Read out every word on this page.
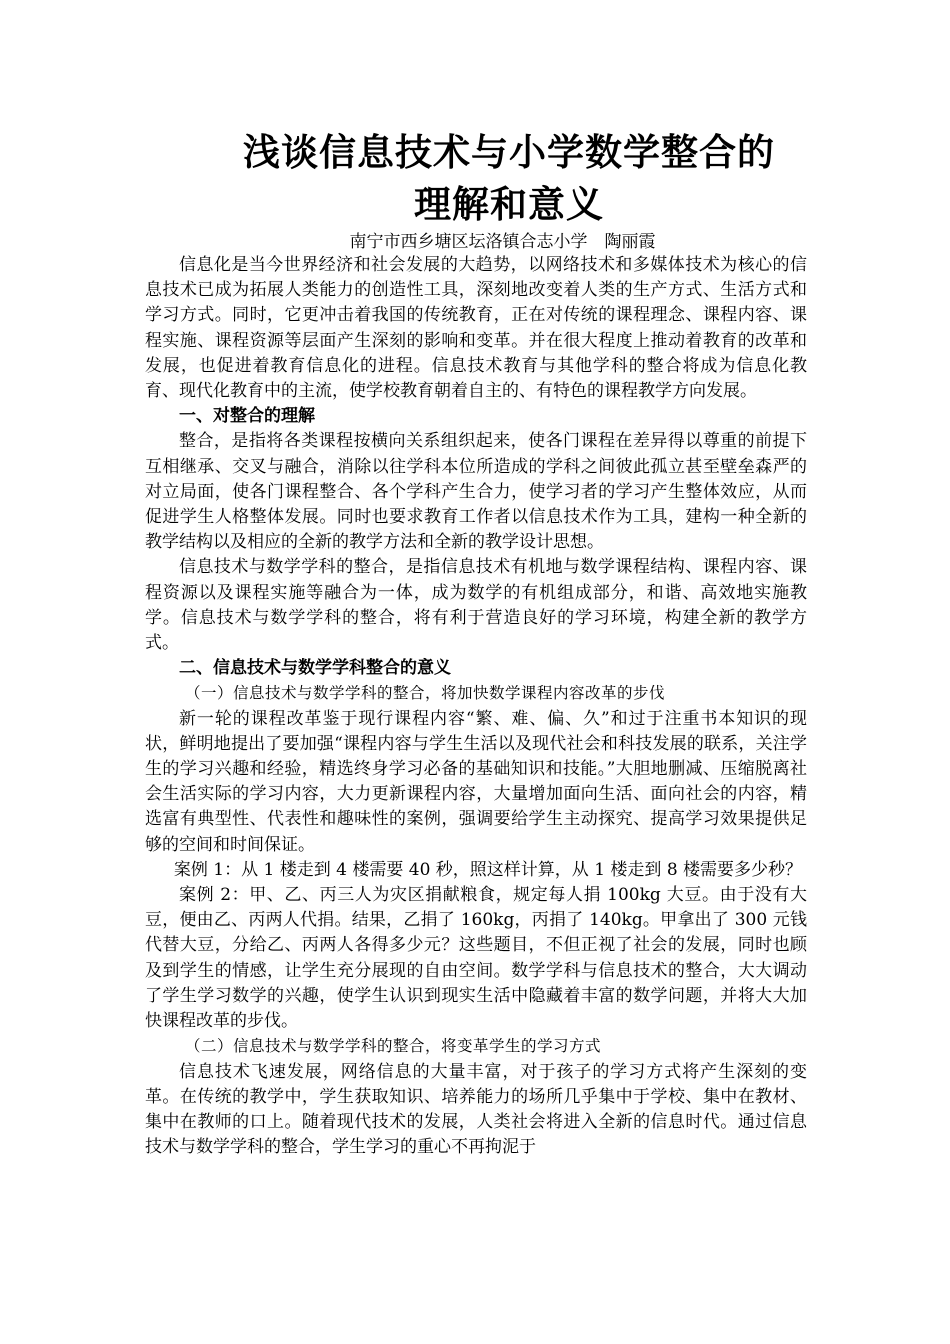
浅谈信息技术与小学数学整合的
理解和意义

南宁市西乡塘区坛洛镇合志小学　陶丽霞

信息化是当今世界经济和社会发展的大趋势，以网络技术和多媒体技术为核心的信息技术已成为拓展人类能力的创造性工具，深刻地改变着人类的生产方式、生活方式和学习方式。同时，它更冲击着我国的传统教育，正在对传统的课程理念、课程内容、课程实施、课程资源等层面产生深刻的影响和变革。并在很大程度上推动着教育的改革和发展，也促进着教育信息化的进程。信息技术教育与其他学科的整合将成为信息化教育、现代化教育中的主流，使学校教育朝着自主的、有特色的课程教学方向发展。

一、对整合的理解

整合，是指将各类课程按横向关系组织起来，使各门课程在差异得以尊重的前提下互相继承、交叉与融合，消除以往学科本位所造成的学科之间彼此孤立甚至壁垒森严的对立局面，使各门课程整合、各个学科产生合力，使学习者的学习产生整体效应，从而促进学生人格整体发展。同时也要求教育工作者以信息技术作为工具，建构一种全新的教学结构以及相应的全新的教学方法和全新的教学设计思想。

信息技术与数学学科的整合，是指信息技术有机地与数学课程结构、课程内容、课程资源以及课程实施等融合为一体，成为数学的有机组成部分，和谐、高效地实施教学。信息技术与数学学科的整合，将有利于营造良好的学习环境，构建全新的教学方式。

二、信息技术与数学学科整合的意义
（一）信息技术与数学学科的整合，将加快数学课程内容改革的步伐

新一轮的课程改革鉴于现行课程内容“繁、难、偏、久”和过于注重书本知识的现状，鲜明地提出了要加强“课程内容与学生生活以及现代社会和科技发展的联系，关注学生的学习兴趣和经验，精选终身学习必备的基础知识和技能。”大胆地删减、压缩脱离社会生活实际的学习内容，大力更新课程内容，大量增加面向生活、面向社会的内容，精选富有典型性、代表性和趣味性的案例，强调要给学生主动探究、提高学习效果提供足够的空间和时间保证。

案例 1：从 1 楼走到 4 楼需要 40 秒，照这样计算，从 1 楼走到 8 楼需要多少秒？

案例 2：甲、乙、丙三人为灾区捐献粮食，规定每人捐 100kg 大豆。由于没有大豆，便由乙、丙两人代捐。结果，乙捐了 160kg，丙捐了 140kg。甲拿出了 300 元钱代替大豆，分给乙、丙两人各得多少元？这些题目，不但正视了社会的发展，同时也顾及到学生的情感，让学生充分展现的自由空间。数学学科与信息技术的整合，大大调动了学生学习数学的兴趣，使学生认识到现实生活中隐藏着丰富的数学问题，并将大大加快课程改革的步伐。

（二）信息技术与数学学科的整合，将变革学生的学习方式

信息技术飞速发展，网络信息的大量丰富，对于孩子的学习方式将产生深刻的变革。在传统的教学中，学生获取知识、培养能力的场所几乎集中于学校、集中在教材、集中在教师的口上。随着现代技术的发展，人类社会将进入全新的信息时代。通过信息技术与数学学科的整合，学生学习的重心不再拘泥于
